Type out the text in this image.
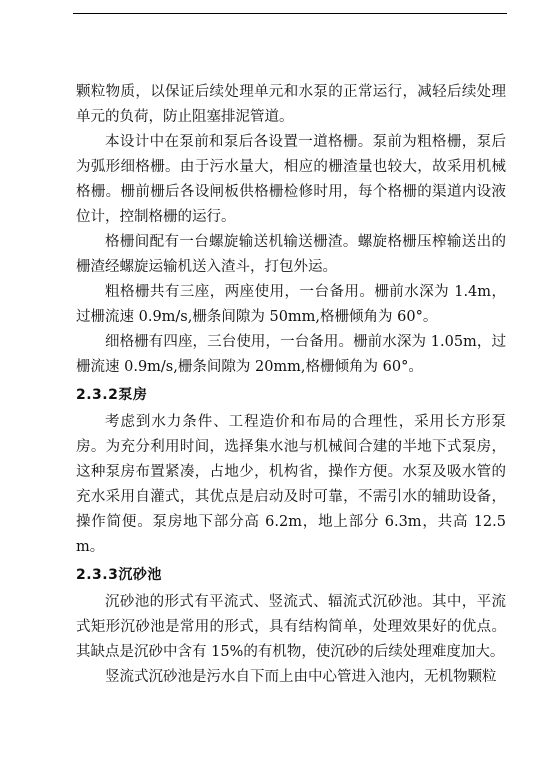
颗粒物质，以保证后续处理单元和水泵的正常运行，减轻后续处理单元的负荷，防止阻塞排泥管道。

本设计中在泵前和泵后各设置一道格栅。泵前为粗格栅，泵后为弧形细格栅。由于污水量大，相应的栅渣量也较大，故采用机械格栅。栅前栅后各设闸板供格栅检修时用，每个格栅的渠道内设液位计，控制格栅的运行。

格栅间配有一台螺旋输送机输送栅渣。螺旋格栅压榨输送出的栅渣经螺旋运输机送入渣斗，打包外运。

粗格栅共有三座，两座使用，一台备用。栅前水深为 1.4m，过栅流速 0.9m/s,栅条间隙为 50mm,格栅倾角为 60°。

细格栅有四座，三台使用，一台备用。栅前水深为 1.05m，过栅流速 0.9m/s,栅条间隙为 20mm,格栅倾角为 60°。

2.3.2泵房

考虑到水力条件、工程造价和布局的合理性，采用长方形泵房。为充分利用时间，选择集水池与机械间合建的半地下式泵房，这种泵房布置紧凑，占地少，机构省，操作方便。水泵及吸水管的充水采用自灌式，其优点是启动及时可靠，不需引水的辅助设备，操作简便。泵房地下部分高 6.2m，地上部分 6.3m，共高 12.5m。

2.3.3沉砂池

沉砂池的形式有平流式、竖流式、辐流式沉砂池。其中，平流式矩形沉砂池是常用的形式，具有结构简单，处理效果好的优点。其缺点是沉砂中含有 15%的有机物，使沉砂的后续处理难度加大。

竖流式沉砂池是污水自下而上由中心管进入池内，无机物颗粒
